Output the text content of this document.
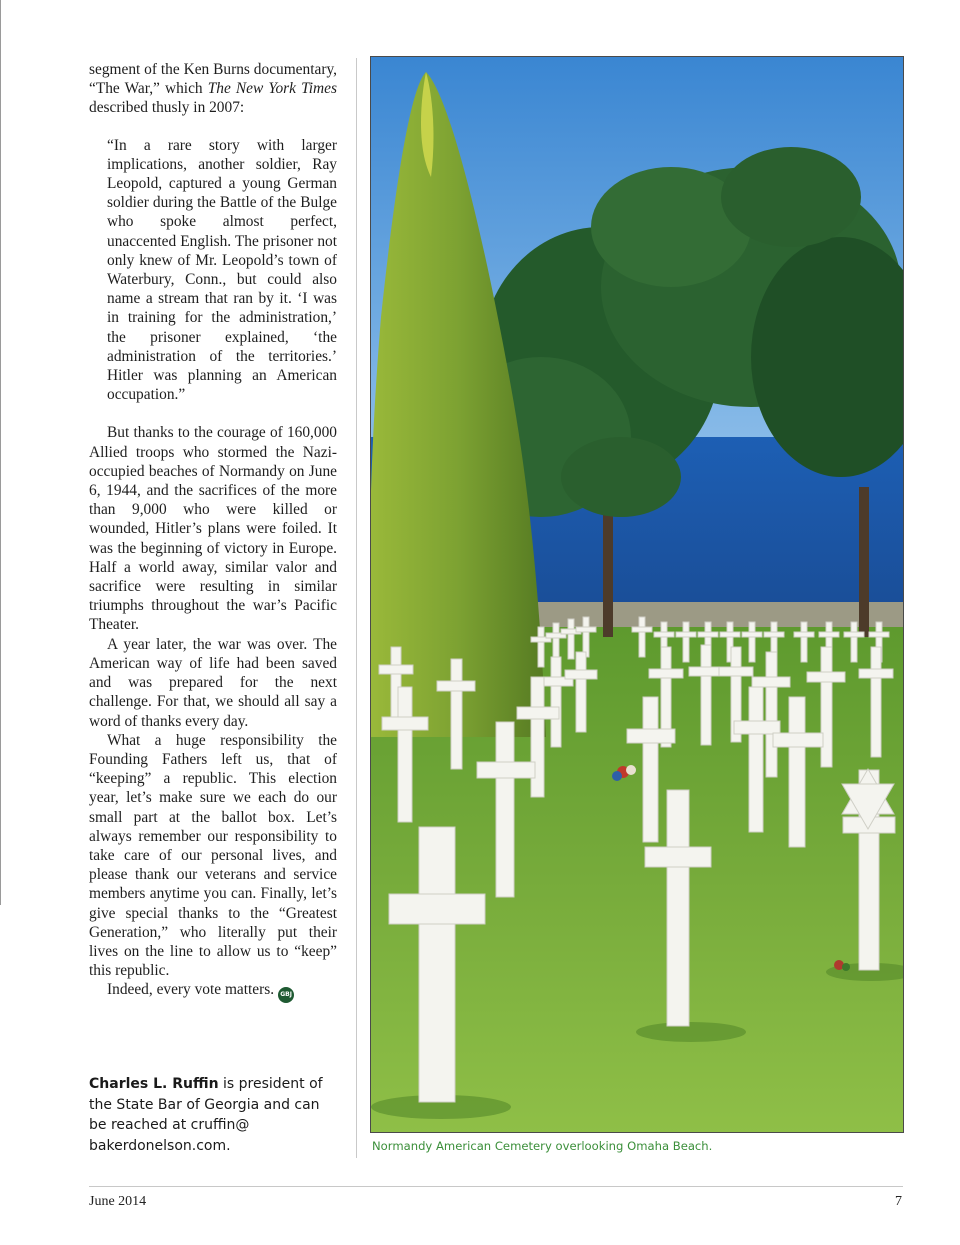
segment of the Ken Burns documentary, “The War,” which The New York Times described thusly in 2007:

“In a rare story with larger implications, another soldier, Ray Leopold, captured a young German soldier during the Battle of the Bulge who spoke almost perfect, unaccented English. The prisoner not only knew of Mr. Leopold’s town of Waterbury, Conn., but could also name a stream that ran by it. ‘I was in training for the administration,’ the prisoner explained, ‘the administration of the territories.’ Hitler was planning an American occupation.”

But thanks to the courage of 160,000 Allied troops who stormed the Nazi-occupied beaches of Normandy on June 6, 1944, and the sacrifices of the more than 9,000 who were killed or wounded, Hitler’s plans were foiled. It was the beginning of victory in Europe. Half a world away, similar valor and sacrifice were resulting in similar triumphs throughout the war’s Pacific Theater.

A year later, the war was over. The American way of life had been saved and was prepared for the next challenge. For that, we should all say a word of thanks every day.

What a huge responsibility the Founding Fathers left us, that of “keeping” a republic. This election year, let’s make sure we each do our small part at the ballot box. Let’s always remember our responsibility to take care of our personal lives, and please thank our veterans and service members anytime you can. Finally, let’s give special thanks to the “Greatest Generation,” who literally put their lives on the line to allow us to “keep” this republic.

Indeed, every vote matters. GBJ

Charles L. Ruffin is president of the State Bar of Georgia and can be reached at cruffin@
bakerdonelson.com.	Normandy American Cemetery overlooking Omaha Beach.
June 2014	7
